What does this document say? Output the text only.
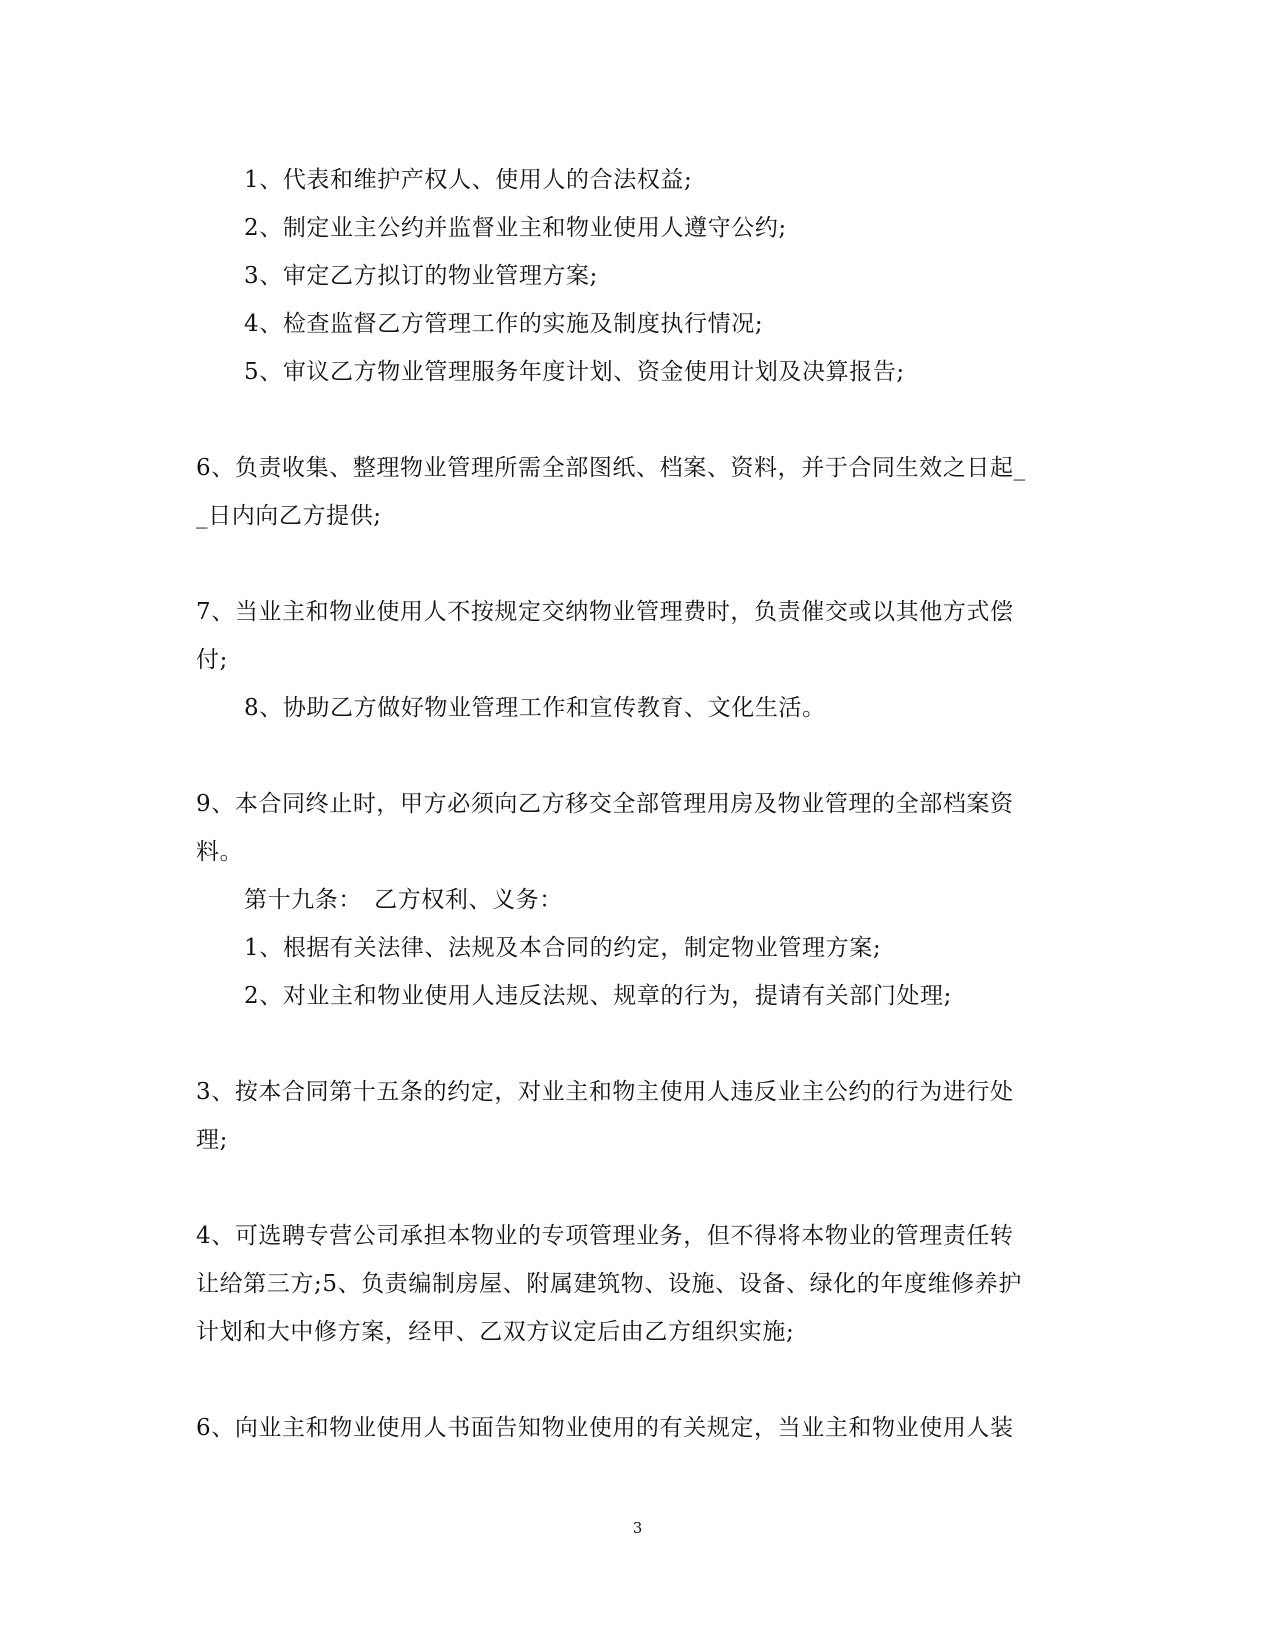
1、代表和维护产权人、使用人的合法权益;
2、制定业主公约并监督业主和物业使用人遵守公约;
3、审定乙方拟订的物业管理方案;
4、检查监督乙方管理工作的实施及制度执行情况;
5、审议乙方物业管理服务年度计划、资金使用计划及决算报告;
6、负责收集、整理物业管理所需全部图纸、档案、资料，并于合同生效之日起_
_日内向乙方提供;
7、当业主和物业使用人不按规定交纳物业管理费时，负责催交或以其他方式偿
付;
8、协助乙方做好物业管理工作和宣传教育、文化生活。
9、本合同终止时，甲方必须向乙方移交全部管理用房及物业管理的全部档案资
料。
第十九条：　乙方权利、义务：
1、根据有关法律、法规及本合同的约定，制定物业管理方案;
2、对业主和物业使用人违反法规、规章的行为，提请有关部门处理;
3、按本合同第十五条的约定，对业主和物主使用人违反业主公约的行为进行处
理;
4、可选聘专营公司承担本物业的专项管理业务，但不得将本物业的管理责任转
让给第三方;5、负责编制房屋、附属建筑物、设施、设备、绿化的年度维修养护
计划和大中修方案，经甲、乙双方议定后由乙方组织实施;
6、向业主和物业使用人书面告知物业使用的有关规定，当业主和物业使用人装
3
